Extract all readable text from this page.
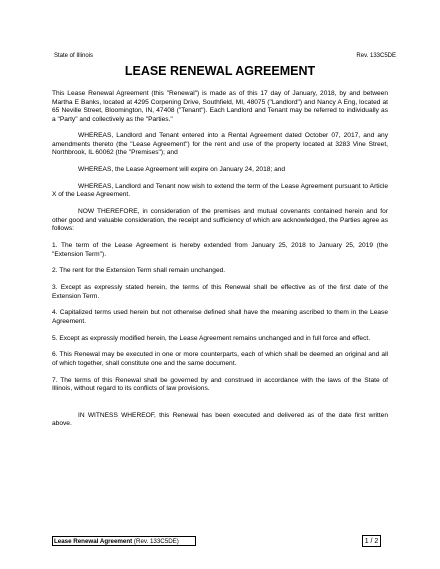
State of Illinois	Rev. 133C5DE
LEASE RENEWAL AGREEMENT

This Lease Renewal Agreement (this "Renewal") is made as of this 17 day of January, 2018, by and between Martha E Banks, located at 4295 Corpening Drive, Southfield, MI, 48075 ("Landlord") and Nancy A Eng, located at 65 Neville Street, Bloomington, IN, 47408 ("Tenant"). Each Landlord and Tenant may be referred to individually as a "Party" and collectively as the "Parties."

WHEREAS, Landlord and Tenant entered into a Rental Agreement dated October 07, 2017, and any amendments thereto (the "Lease Agreement") for the rent and use of the property located at 3283 Vine Street, Northbrook, IL 60062 (the "Premises"); and

WHEREAS, the Lease Agreement will expire on January 24, 2018; and

WHEREAS, Landlord and Tenant now wish to extend the term of the Lease Agreement pursuant to Article X of the Lease Agreement.

NOW THEREFORE, in consideration of the premises and mutual covenants contained herein and for other good and valuable consideration, the receipt and sufficiency of which are acknowledged, the Parties agree as follows:

1. The term of the Lease Agreement is hereby extended from January 25, 2018 to January 25, 2019 (the "Extension Term").

2. The rent for the Extension Term shall remain unchanged.

3. Except as expressly stated herein, the terms of this Renewal shall be effective as of the first date of the Extension Term.

4. Capitalized terms used herein but not otherwise defined shall have the meaning ascribed to them in the Lease Agreement.

5. Except as expressly modified herein, the Lease Agreement remains unchanged and in full force and effect.

6. This Renewal may be executed in one or more counterparts, each of which shall be deemed an original and all of which together, shall constitute one and the same document.

7. The terms of this Renewal shall be governed by and construed in accordance with the laws of the State of Illinois, without regard to its conflicts of law provisions.

IN WITNESS WHEREOF, this Renewal has been executed and delivered as of the date first written above.

Lease Renewal Agreement (Rev. 133C5DE)	1 / 2
